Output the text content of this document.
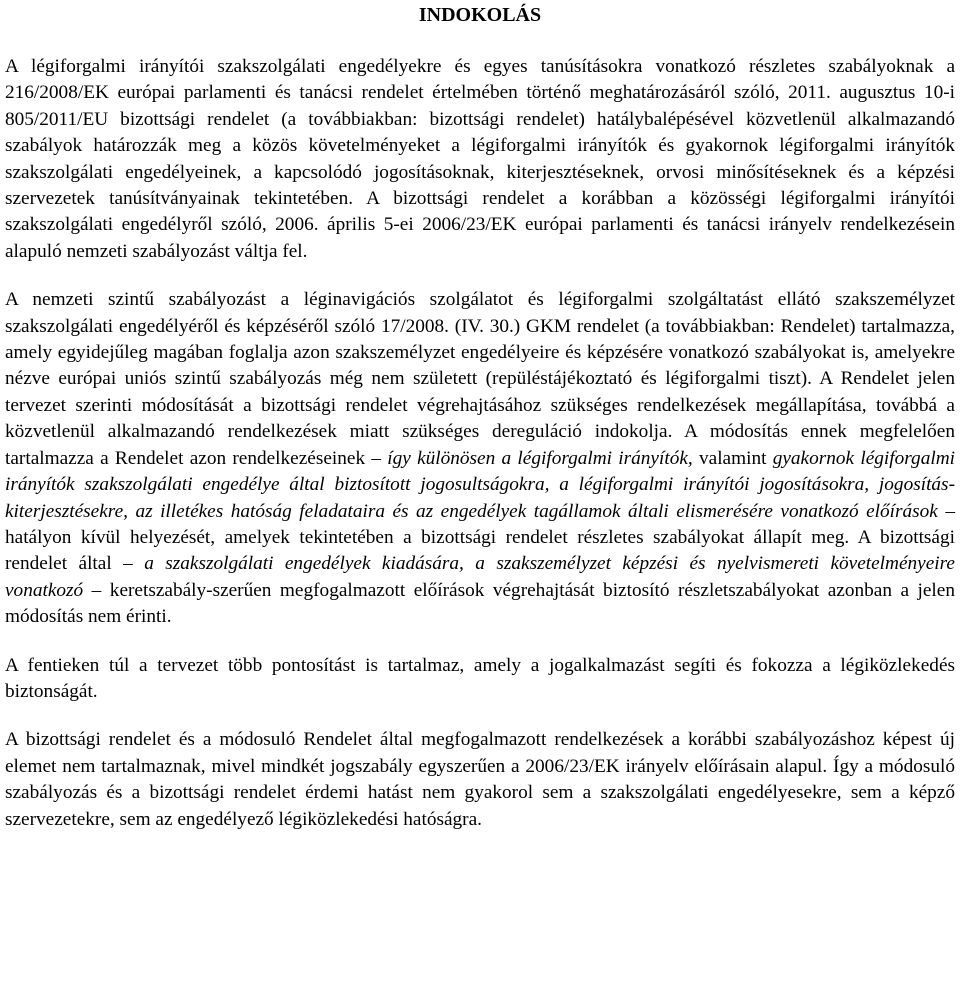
INDOKOLÁS
A légiforgalmi irányítói szakszolgálati engedélyekre és egyes tanúsításokra vonatkozó részletes szabályoknak a 216/2008/EK európai parlamenti és tanácsi rendelet értelmében történő meghatározásáról szóló, 2011. augusztus 10-i 805/2011/EU bizottsági rendelet (a továbbiakban: bizottsági rendelet) hatálybalépésével közvetlenül alkalmazandó szabályok határozzák meg a közös követelményeket a légiforgalmi irányítók és gyakornok légiforgalmi irányítók szakszolgálati engedélyeinek, a kapcsolódó jogosításoknak, kiterjesztéseknek, orvosi minősítéseknek és a képzési szervezetek tanúsítványainak tekintetében. A bizottsági rendelet a korábban a közösségi légiforgalmi irányítói szakszolgálati engedélyről szóló, 2006. április 5-ei 2006/23/EK európai parlamenti és tanácsi irányelv rendelkezésein alapuló nemzeti szabályozást váltja fel.
A nemzeti szintű szabályozást a léginavigációs szolgálatot és légiforgalmi szolgáltatást ellátó szakszemélyzet szakszolgálati engedélyéről és képzéséről szóló 17/2008. (IV. 30.) GKM rendelet (a továbbiakban: Rendelet) tartalmazza, amely egyidejűleg magában foglalja azon szakszemélyzet engedélyeire és képzésére vonatkozó szabályokat is, amelyekre nézve európai uniós szintű szabályozás még nem született (repüléstájékoztató és légiforgalmi tiszt). A Rendelet jelen tervezet szerinti módosítását a bizottsági rendelet végrehajtásához szükséges rendelkezések megállapítása, továbbá a közvetlenül alkalmazandó rendelkezések miatt szükséges dereguláció indokolja. A módosítás ennek megfelelően tartalmazza a Rendelet azon rendelkezéseinek – így különösen a légiforgalmi irányítók, valamint gyakornok légiforgalmi irányítók szakszolgálati engedélye által biztosított jogosultságokra, a légiforgalmi irányítói jogosításokra, jogosítás-kiterjesztésekre, az illetékes hatóság feladataira és az engedélyek tagállamok általi elismerésére vonatkozó előírások – hatályon kívül helyezését, amelyek tekintetében a bizottsági rendelet részletes szabályokat állapít meg. A bizottsági rendelet által – a szakszolgálati engedélyek kiadására, a szakszemélyzet képzési és nyelvismereti követelményeire vonatkozó – keretszabály-szerűen megfogalmazott előírások végrehajtását biztosító részletszabályokat azonban a jelen módosítás nem érinti.
A fentieken túl a tervezet több pontosítást is tartalmaz, amely a jogalkalmazást segíti és fokozza a légiközlekedés biztonságát.
A bizottsági rendelet és a módosuló Rendelet által megfogalmazott rendelkezések a korábbi szabályozáshoz képest új elemet nem tartalmaznak, mivel mindkét jogszabály egyszerűen a 2006/23/EK irányelv előírásain alapul. Így a módosuló szabályozás és a bizottsági rendelet érdemi hatást nem gyakorol sem a szakszolgálati engedélyesekre, sem a képző szervezetekre, sem az engedélyező légiközlekedési hatóságra.
